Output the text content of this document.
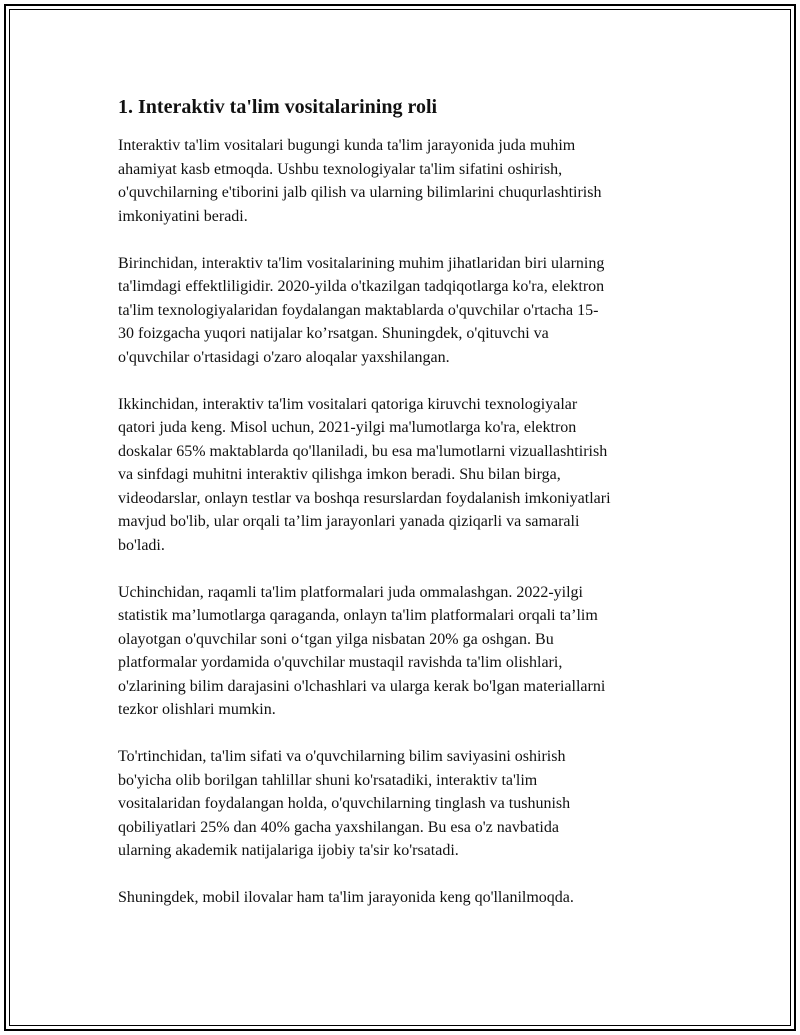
1. Interaktiv ta'lim vositalarining roli

Interaktiv ta'lim vositalari bugungi kunda ta'lim jarayonida juda muhim
ahamiyat kasb etmoqda. Ushbu texnologiyalar ta'lim sifatini oshirish,
o'quvchilarning e'tiborini jalb qilish va ularning bilimlarini chuqurlashtirish
imkoniyatini beradi.

Birinchidan, interaktiv ta'lim vositalarining muhim jihatlaridan biri ularning
ta'limdagi effektliligidir. 2020-yilda o'tkazilgan tadqiqotlarga ko'ra, elektron
ta'lim texnologiyalaridan foydalangan maktablarda o'quvchilar o'rtacha 15-
30 foizgacha yuqori natijalar ko’rsatgan. Shuningdek, o'qituvchi va
o'quvchilar o'rtasidagi o'zaro aloqalar yaxshilangan.

Ikkinchidan, interaktiv ta'lim vositalari qatoriga kiruvchi texnologiyalar
qatori juda keng. Misol uchun, 2021-yilgi ma'lumotlarga ko'ra, elektron
doskalar 65% maktablarda qo'llaniladi, bu esa ma'lumotlarni vizuallashtirish
va sinfdagi muhitni interaktiv qilishga imkon beradi. Shu bilan birga,
videodarslar, onlayn testlar va boshqa resurslardan foydalanish imkoniyatlari
mavjud bo'lib, ular orqali ta’lim jarayonlari yanada qiziqarli va samarali
bo'ladi.

Uchinchidan, raqamli ta'lim platformalari juda ommalashgan. 2022-yilgi
statistik ma’lumotlarga qaraganda, onlayn ta'lim platformalari orqali ta’lim
olayotgan o'quvchilar soni o‘tgan yilga nisbatan 20% ga oshgan. Bu
platformalar yordamida o'quvchilar mustaqil ravishda ta'lim olishlari,
o'zlarining bilim darajasini o'lchashlari va ularga kerak bo'lgan materiallarni
tezkor olishlari mumkin.

To'rtinchidan, ta'lim sifati va o'quvchilarning bilim saviyasini oshirish
bo'yicha olib borilgan tahlillar shuni ko'rsatadiki, interaktiv ta'lim
vositalaridan foydalangan holda, o'quvchilarning tinglash va tushunish
qobiliyatlari 25% dan 40% gacha yaxshilangan. Bu esa o'z navbatida
ularning akademik natijalariga ijobiy ta'sir ko'rsatadi.

Shuningdek, mobil ilovalar ham ta'lim jarayonida keng qo'llanilmoqda.
